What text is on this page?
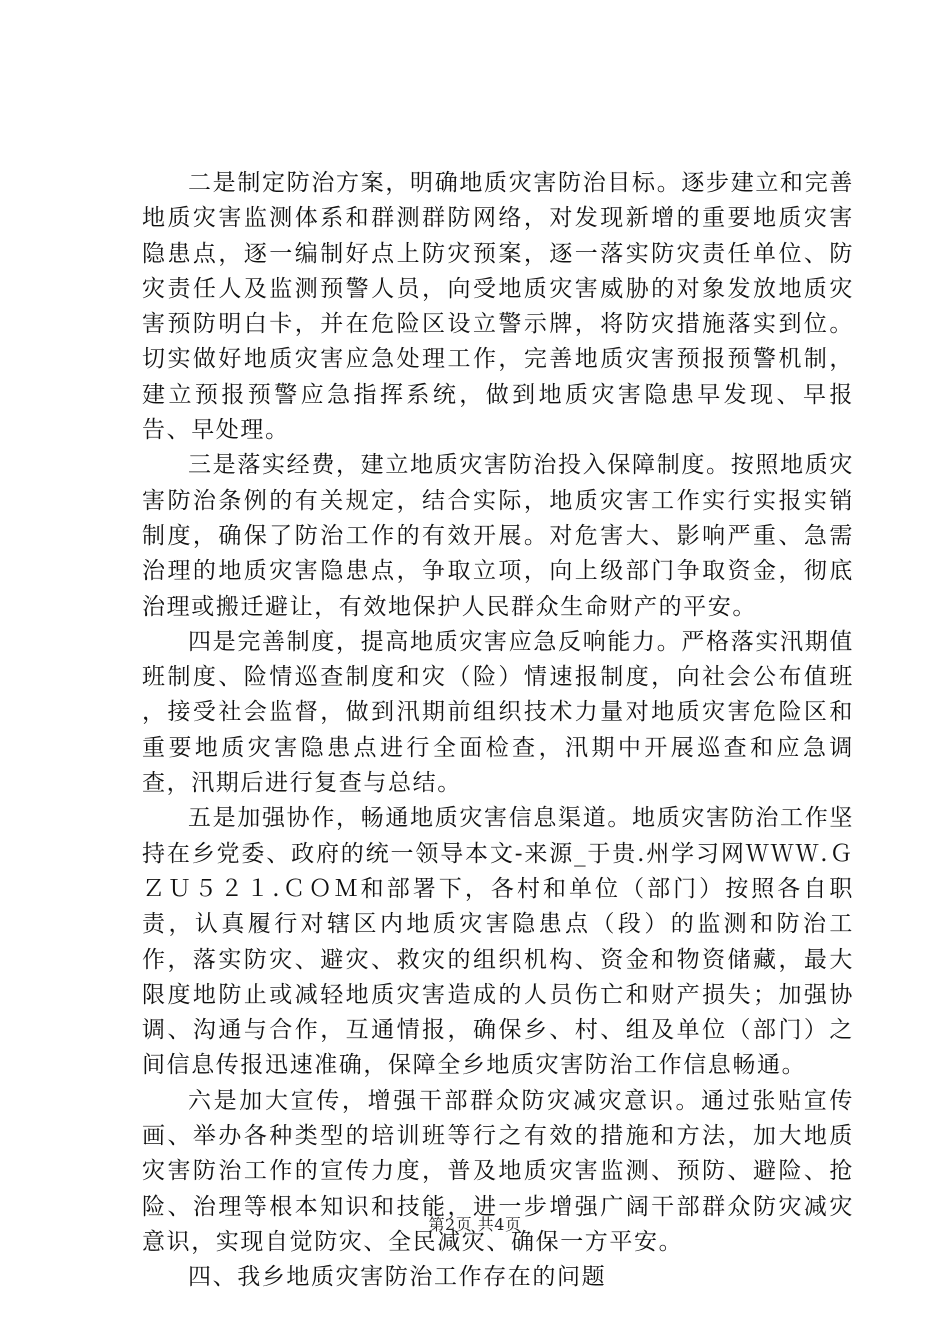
二是制定防治方案，明确地质灾害防治目标。逐步建立和完善地质灾害监测体系和群测群防网络，对发现新增的重要地质灾害隐患点，逐一编制好点上防灾预案，逐一落实防灾责任单位、防灾责任人及监测预警人员，向受地质灾害威胁的对象发放地质灾害预防明白卡，并在危险区设立警示牌，将防灾措施落实到位。切实做好地质灾害应急处理工作，完善地质灾害预报预警机制，建立预报预警应急指挥系统，做到地质灾害隐患早发现、早报告、早处理。

三是落实经费，建立地质灾害防治投入保障制度。按照地质灾害防治条例的有关规定，结合实际，地质灾害工作实行实报实销制度，确保了防治工作的有效开展。对危害大、影响严重、急需治理的地质灾害隐患点，争取立项，向上级部门争取资金，彻底治理或搬迁避让，有效地保护人民群众生命财产的平安。

四是完善制度，提高地质灾害应急反响能力。严格落实汛期值班制度、险情巡查制度和灾（险）情速报制度，向社会公布值班　　，接受社会监督，做到汛期前组织技术力量对地质灾害危险区和重要地质灾害隐患点进行全面检查，汛期中开展巡查和应急调查，汛期后进行复查与总结。

五是加强协作，畅通地质灾害信息渠道。地质灾害防治工作坚持在乡党委、政府的统一领导本文-来源_于贵.州学习网ＷＷＷ.ＧＺＵ５２１.ＣＯＭ和部署下，各村和单位（部门）按照各自职责，认真履行对辖区内地质灾害隐患点（段）的监测和防治工作，落实防灾、避灾、救灾的组织机构、资金和物资储藏，最大限度地防止或减轻地质灾害造成的人员伤亡和财产损失；加强协调、沟通与合作，互通情报，确保乡、村、组及单位（部门）之间信息传报迅速准确，保障全乡地质灾害防治工作信息畅通。

六是加大宣传，增强干部群众防灾减灾意识。通过张贴宣传画、举办各种类型的培训班等行之有效的措施和方法，加大地质灾害防治工作的宣传力度，普及地质灾害监测、预防、避险、抢险、治理等根本知识和技能，进一步增强广阔干部群众防灾减灾意识，实现自觉防灾、全民减灾、确保一方平安。

四、我乡地质灾害防治工作存在的问题

第2页 共4页
